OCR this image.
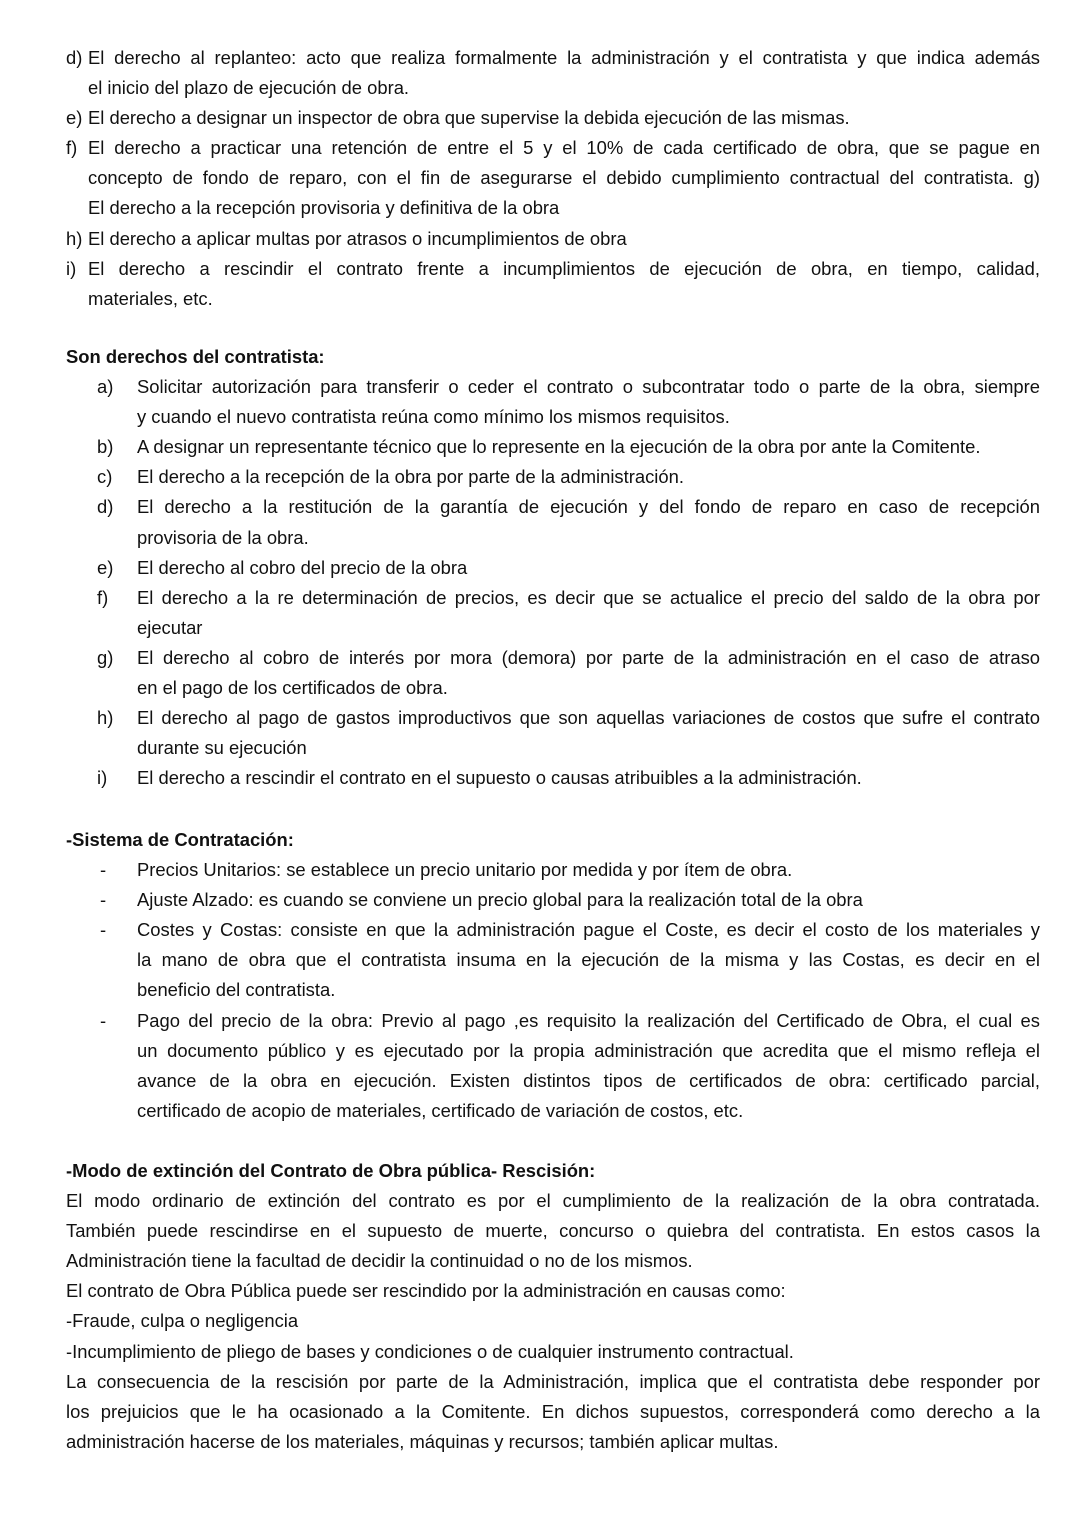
d) El derecho al replanteo: acto que realiza formalmente la administración y el contratista y que indica además
el inicio del plazo de ejecución de obra.
e) El derecho a designar un inspector de obra que supervise la debida ejecución de las mismas.
f) El derecho a practicar una retención de entre el 5 y el 10% de cada certificado de obra, que se pague en
concepto de fondo de reparo, con el fin de asegurarse el debido cumplimiento contractual del contratista. g)
El derecho a la recepción provisoria y definitiva de la obra
h) El derecho a aplicar multas por atrasos o incumplimientos de obra
i) El derecho a rescindir el contrato frente a incumplimientos de ejecución de obra, en tiempo, calidad,
materiales, etc.
Son derechos del contratista:
a)	Solicitar autorización para transferir o ceder el contrato o subcontratar todo o parte de la obra, siempre
y cuando el nuevo contratista reúna como mínimo los mismos requisitos.
b)	A designar un representante técnico que lo represente en la ejecución de la obra por ante la Comitente.
c)	El derecho a la recepción de la obra por parte de la administración.
d)	El derecho a la restitución de la garantía de ejecución y del fondo de reparo en caso de recepción
provisoria de la obra.
e)	El derecho al cobro del precio de la obra
f)	El derecho a la re determinación de precios, es decir que se actualice el precio del saldo de la obra por
ejecutar
g)	El derecho al cobro de interés por mora (demora) por parte de la administración en el caso de atraso
en el pago de los certificados de obra.
h)	El derecho al pago de gastos improductivos que son aquellas variaciones de costos que sufre el contrato
durante su ejecución
i)	El derecho a rescindir el contrato en el supuesto o causas atribuibles a la administración.
-Sistema de Contratación:
-	Precios Unitarios: se establece un precio unitario por medida y por ítem de obra.
-	Ajuste Alzado: es cuando se conviene un precio global para la realización total de la obra
-	Costes y Costas: consiste en que la administración pague el Coste, es decir el costo de los materiales y
la mano de obra que el contratista insuma en la ejecución de la misma y las Costas, es decir en el
beneficio del contratista.
-	Pago del precio de la obra: Previo al pago ,es requisito la realización del Certificado de Obra, el cual es
un documento público y es ejecutado por la propia administración que acredita que el mismo refleja el
avance de la obra en ejecución. Existen distintos tipos de certificados de obra: certificado parcial,
certificado de acopio de materiales, certificado de variación de costos, etc.
-Modo de extinción del Contrato de Obra pública- Rescisión:
El modo ordinario de extinción del contrato es por el cumplimiento de la realización de la obra contratada.
También puede rescindirse en el supuesto de muerte, concurso o quiebra del contratista. En estos casos la
Administración tiene la facultad de decidir la continuidad o no de los mismos.
El contrato de Obra Pública puede ser rescindido por la administración en causas como:
-Fraude, culpa o negligencia
-Incumplimiento de pliego de bases y condiciones o de cualquier instrumento contractual.
La consecuencia de la rescisión por parte de la Administración, implica que el contratista debe responder por
los prejuicios que le ha ocasionado a la Comitente. En dichos supuestos, corresponderá como derecho a la
administración hacerse de los materiales, máquinas y recursos; también aplicar multas.
